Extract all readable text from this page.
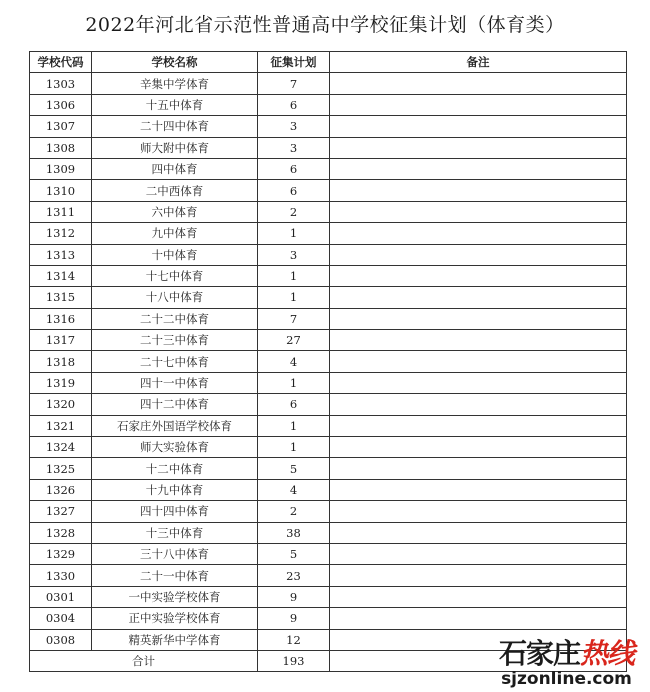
2022年河北省示范性普通高中学校征集计划（体育类）
学校代码	学校名称	征集计划	备注
1303	辛集中学体育	7	
1306	十五中体育	6	
1307	二十四中体育	3	
1308	师大附中体育	3	
1309	四中体育	6	
1310	二中西体育	6	
1311	六中体育	2	
1312	九中体育	1	
1313	十中体育	3	
1314	十七中体育	1	
1315	十八中体育	1	
1316	二十二中体育	7	
1317	二十三中体育	27	
1318	二十七中体育	4	
1319	四十一中体育	1	
1320	四十二中体育	6	
1321	石家庄外国语学校体育	1	
1324	师大实验体育	1	
1325	十二中体育	5	
1326	十九中体育	4	
1327	四十四中体育	2	
1328	十三中体育	38	
1329	三十八中体育	5	
1330	二十一中体育	23	
0301	一中实验学校体育	9	
0304	正中实验学校体育	9	
0308	精英新华中学体育	12	
合计		193		石家庄热线
sjzonline.com
